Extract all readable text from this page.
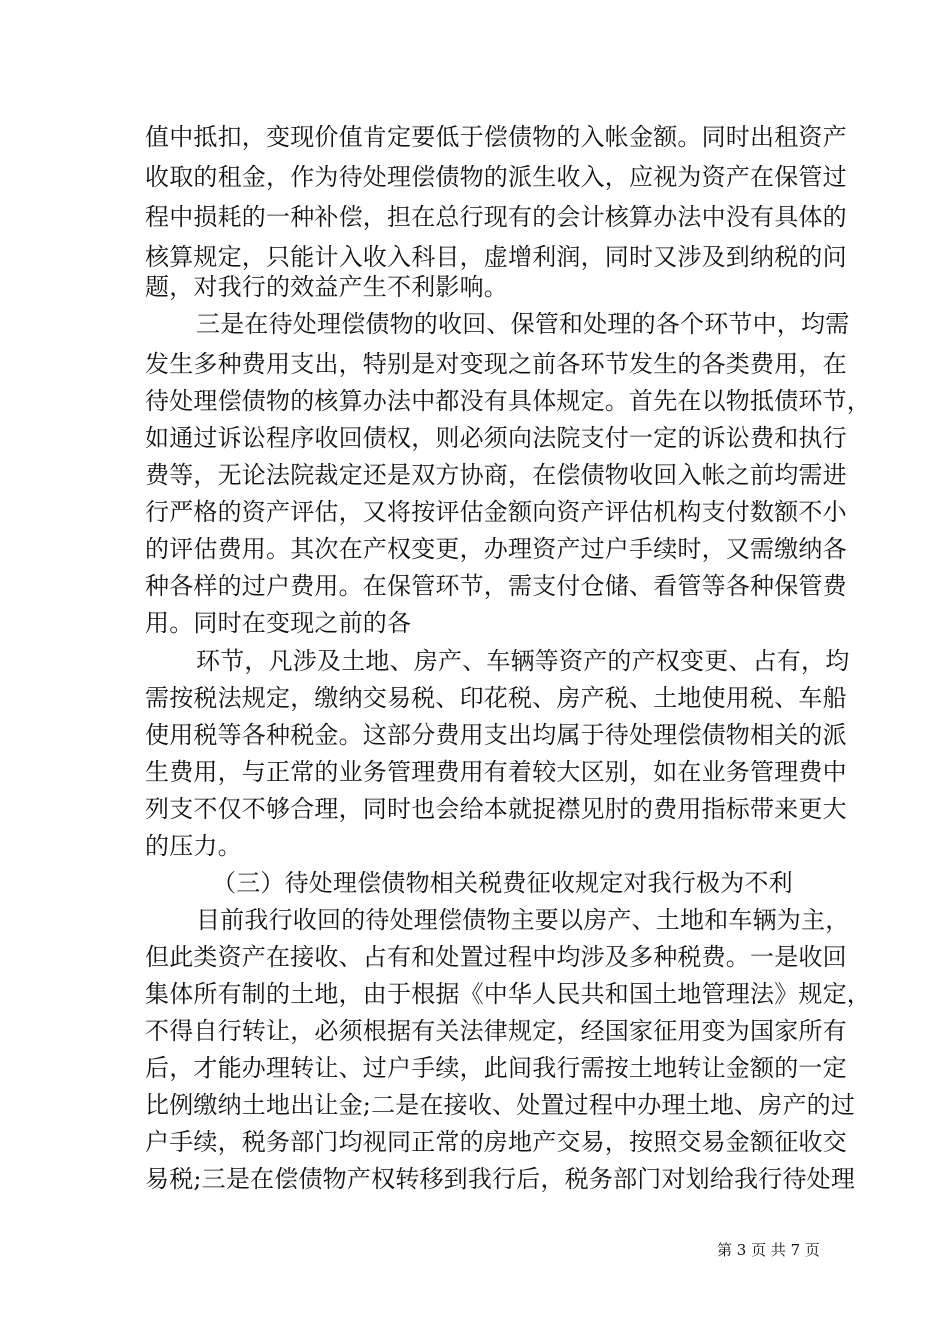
值中抵扣，变现价值肯定要低于偿债物的入帐金额。同时出租资产
收取的租金，作为待处理偿债物的派生收入，应视为资产在保管过
程中损耗的一种补偿，担在总行现有的会计核算办法中没有具体的
核算规定，只能计入收入科目，虚增利润，同时又涉及到纳税的问
题，对我行的效益产生不利影响。
三是在待处理偿债物的收回、保管和处理的各个环节中，均需
发生多种费用支出，特别是对变现之前各环节发生的各类费用，在
待处理偿债物的核算办法中都没有具体规定。首先在以物抵债环节，
如通过诉讼程序收回债权，则必须向法院支付一定的诉讼费和执行
费等，无论法院裁定还是双方协商，在偿债物收回入帐之前均需进
行严格的资产评估，又将按评估金额向资产评估机构支付数额不小
的评估费用。其次在产权变更，办理资产过户手续时，又需缴纳各
种各样的过户费用。在保管环节，需支付仓储、看管等各种保管费
用。同时在变现之前的各
环节，凡涉及土地、房产、车辆等资产的产权变更、占有，均
需按税法规定，缴纳交易税、印花税、房产税、土地使用税、车船
使用税等各种税金。这部分费用支出均属于待处理偿债物相关的派
生费用，与正常的业务管理费用有着较大区别，如在业务管理费中
列支不仅不够合理，同时也会给本就捉襟见肘的费用指标带来更大
的压力。
（三）待处理偿债物相关税费征收规定对我行极为不利
目前我行收回的待处理偿债物主要以房产、土地和车辆为主，
但此类资产在接收、占有和处置过程中均涉及多种税费。一是收回
集体所有制的土地，由于根据《中华人民共和国土地管理法》规定，
不得自行转让，必须根据有关法律规定，经国家征用变为国家所有
后，才能办理转让、过户手续，此间我行需按土地转让金额的一定
比例缴纳土地出让金;二是在接收、处置过程中办理土地、房产的过
户手续，税务部门均视同正常的房地产交易，按照交易金额征收交
易税;三是在偿债物产权转移到我行后，税务部门对划给我行待处理
第 3 页 共 7 页
